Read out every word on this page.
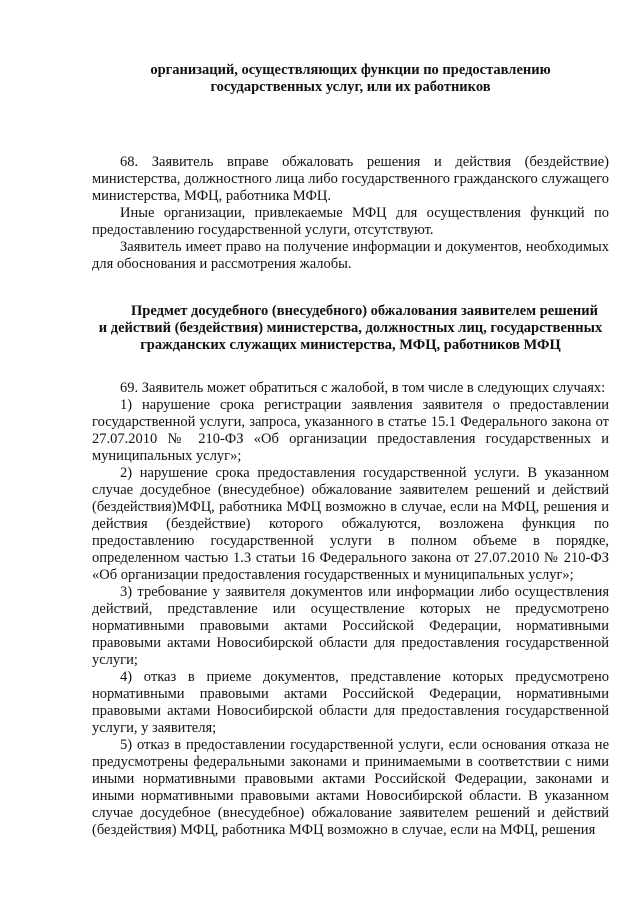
организаций, осуществляющих функции по предоставлению
государственных услуг, или их работников

68. Заявитель вправе обжаловать решения и действия (бездействие) министерства, должностного лица либо государственного гражданского служащего министерства, МФЦ, работника МФЦ.

Иные организации, привлекаемые МФЦ для осуществления функций по предоставлению государственной услуги, отсутствуют.

Заявитель имеет право на получение информации и документов, необходимых для обоснования и рассмотрения жалобы.

Предмет досудебного (внесудебного) обжалования заявителем решений и действий (бездействия) министерства, должностных лиц, государственных гражданских служащих министерства, МФЦ, работников МФЦ

69. Заявитель может обратиться с жалобой, в том числе в следующих случаях:

1) нарушение срока регистрации заявления заявителя о предоставлении государственной услуги, запроса, указанного в статье 15.1 Федерального закона от 27.07.2010 № 210-ФЗ «Об организации предоставления государственных и муниципальных услуг»;

2) нарушение срока предоставления государственной услуги. В указанном случае досудебное (внесудебное) обжалование заявителем решений и действий (бездействия)МФЦ, работника МФЦ возможно в случае, если на МФЦ, решения и действия (бездействие) которого обжалуются, возложена функция по предоставлению государственной услуги в полном объеме в порядке, определенном частью 1.3 статьи 16 Федерального закона от 27.07.2010 № 210-ФЗ «Об организации предоставления государственных и муниципальных услуг»;

3) требование у заявителя документов или информации либо осуществления действий, представление или осуществление которых не предусмотрено нормативными правовыми актами Российской Федерации, нормативными правовыми актами Новосибирской области для предоставления государственной услуги;

4) отказ в приеме документов, представление которых предусмотрено нормативными правовыми актами Российской Федерации, нормативными правовыми актами Новосибирской области для предоставления государственной услуги, у заявителя;

5) отказ в предоставлении государственной услуги, если основания отказа не предусмотрены федеральными законами и принимаемыми в соответствии с ними иными нормативными правовыми актами Российской Федерации, законами и иными нормативными правовыми актами Новосибирской области. В указанном случае досудебное (внесудебное) обжалование заявителем решений и действий (бездействия) МФЦ, работника МФЦ возможно в случае, если на МФЦ, решения
